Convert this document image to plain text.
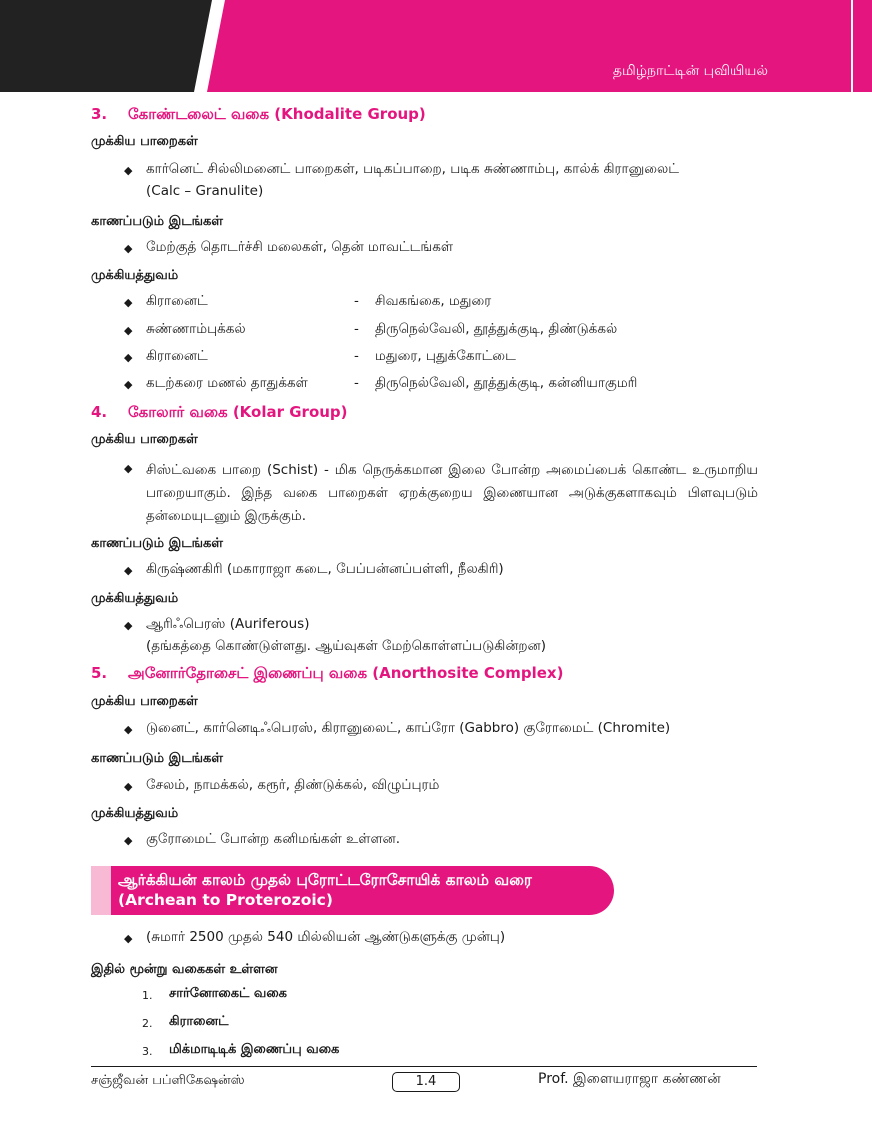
தமிழ்நாட்டின் புவியியல்
3. கோண்டலைட் வகை (Khodalite Group)
முக்கிய பாறைகள்
◆ கார்னெட் சில்லிமனைட் பாறைகள், படிகப்பாறை, படிக சுண்ணாம்பு, கால்க் கிரானுலைட்
(Calc – Granulite)
காணப்படும் இடங்கள்
◆ மேற்குத் தொடர்ச்சி மலைகள், தென் மாவட்டங்கள்
முக்கியத்துவம்
◆ கிரானைட்	- சிவகங்கை, மதுரை
◆ சுண்ணாம்புக்கல்	- திருநெல்வேலி, தூத்துக்குடி, திண்டுக்கல்
◆ கிரானைட்	- மதுரை, புதுக்கோட்டை
◆ கடற்கரை மணல் தாதுக்கள்	- திருநெல்வேலி, தூத்துக்குடி, கன்னியாகுமரி
4. கோலார் வகை (Kolar Group)
முக்கிய பாறைகள்
◆ சிஸ்ட்வகை பாறை (Schist) - மிக நெருக்கமான இலை போன்ற அமைப்பைக் கொண்ட உருமாறிய பாறையாகும். இந்த வகை பாறைகள் ஏறக்குறைய இணையான அடுக்குகளாகவும் பிளவுபடும் தன்மையுடனும் இருக்கும்.
காணப்படும் இடங்கள்
◆ கிருஷ்ணகிரி (மகாராஜா கடை, பேப்பன்னப்பள்ளி, நீலகிரி)
முக்கியத்துவம்
◆ ஆரிஃபெரஸ் (Auriferous)
(தங்கத்தை கொண்டுள்ளது. ஆய்வுகள் மேற்கொள்ளப்படுகின்றன)
5. அனோர்தோசைட் இணைப்பு வகை (Anorthosite Complex)
முக்கிய பாறைகள்
◆ டுனைட், கார்னெடிஃபெரஸ், கிரானுலைட், காப்ரோ (Gabbro) குரோமைட் (Chromite)
காணப்படும் இடங்கள்
◆ சேலம், நாமக்கல், கரூர், திண்டுக்கல், விழுப்புரம்
முக்கியத்துவம்
◆ குரோமைட் போன்ற கனிமங்கள் உள்ளன.
ஆர்க்கியன் காலம் முதல் புரோட்டரோசோயிக் காலம் வரை
(Archean to Proterozoic)
◆ (சுமார் 2500 முதல் 540 மில்லியன் ஆண்டுகளுக்கு முன்பு)
இதில் மூன்று வகைகள் உள்ளன
1. சார்னோகைட் வகை
2. கிரானைட்
3. மிக்மாடிடிக் இணைப்பு வகை
சஞ்ஜீவன் பப்ளிகேஷன்ஸ்	1.4	Prof. இளையராஜா கண்ணன்
